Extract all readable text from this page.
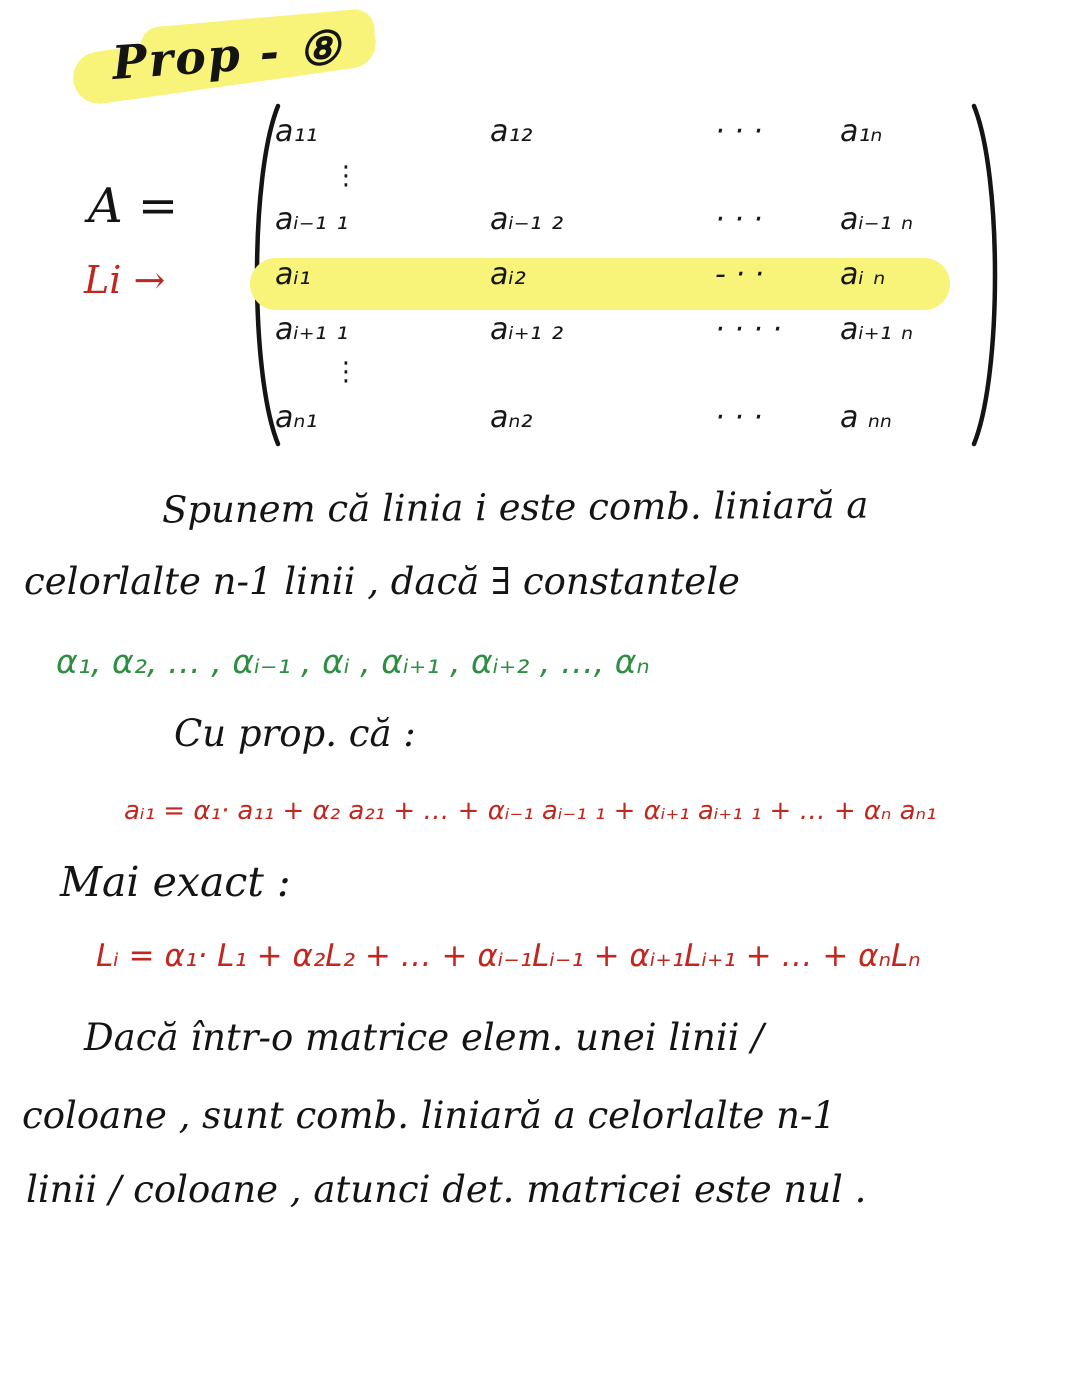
Prop - ⑧
A =
Li →
a₁₁	a₁₂	· · ·	a₁ₙ
⋮
aᵢ₋₁ ₁	aᵢ₋₁ ₂	· · ·	aᵢ₋₁ ₙ
aᵢ₁	aᵢ₂	- · ·	aᵢ ₙ
aᵢ₊₁ ₁	aᵢ₊₁ ₂	· · · ·	aᵢ₊₁ ₙ
⋮
aₙ₁	aₙ₂	· · ·	a ₙₙ
Spunem că linia i este comb. liniară a
celorlalte n-1 linii , dacă ∃ constantele
α₁, α₂, … , αᵢ₋₁ , αᵢ , αᵢ₊₁ , αᵢ₊₂ , …, αₙ
Cu prop. că :
aᵢ₁ = α₁· a₁₁ + α₂ a₂₁ + … + αᵢ₋₁ aᵢ₋₁ ₁ + αᵢ₊₁ aᵢ₊₁ ₁ + … + αₙ aₙ₁
Mai exact :
Lᵢ = α₁· L₁ + α₂L₂ + … + αᵢ₋₁Lᵢ₋₁ + αᵢ₊₁Lᵢ₊₁ + … + αₙLₙ
Dacă într-o matrice elem. unei linii /
coloane , sunt comb. liniară a celorlalte n-1
linii / coloane , atunci det. matricei este nul .
